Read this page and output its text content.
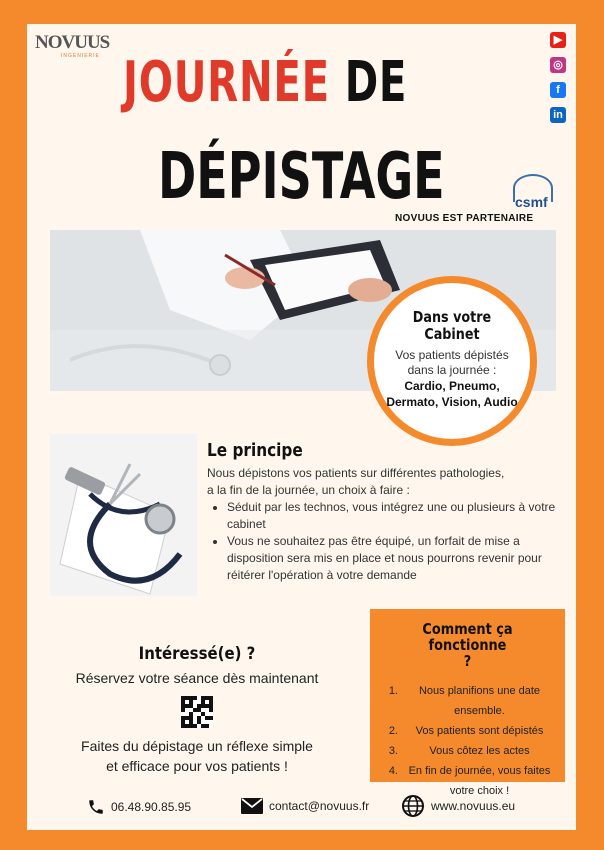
NOVUUS
INGENIERIE
▶
◎
f
in
JOURNÉE DE
DÉPISTAGE	csmf
NOVUUS EST PARTENAIRE
Dans votre
Cabinet
Vos patients dépistés
dans la journée :
Cardio, Pneumo, Dermato, Vision, Audio
Le principe
Nous dépistons vos patients sur différentes pathologies,
a la fin de la journée, un choix à faire :
• Séduit par les technos, vous intégrez une ou plusieurs à votre cabinet
• Vous ne souhaitez pas être équipé, un forfait de mise a disposition sera mis en place et nous pourrons revenir pour réitérer l'opération à votre demande
Intéressé(e) ?
Réservez votre séance dès maintenant
Faites du dépistage un réflexe simple
et efficace pour vos patients !
Comment ça fonctionne
?
1.	Nous planifions une date ensemble.
2.	Vos patients sont dépistés
3.	Vous côtez les actes
4. En fin de journée, vous faites votre choix !
06.48.90.85.95	contact@novuus.fr	www.novuus.eu
